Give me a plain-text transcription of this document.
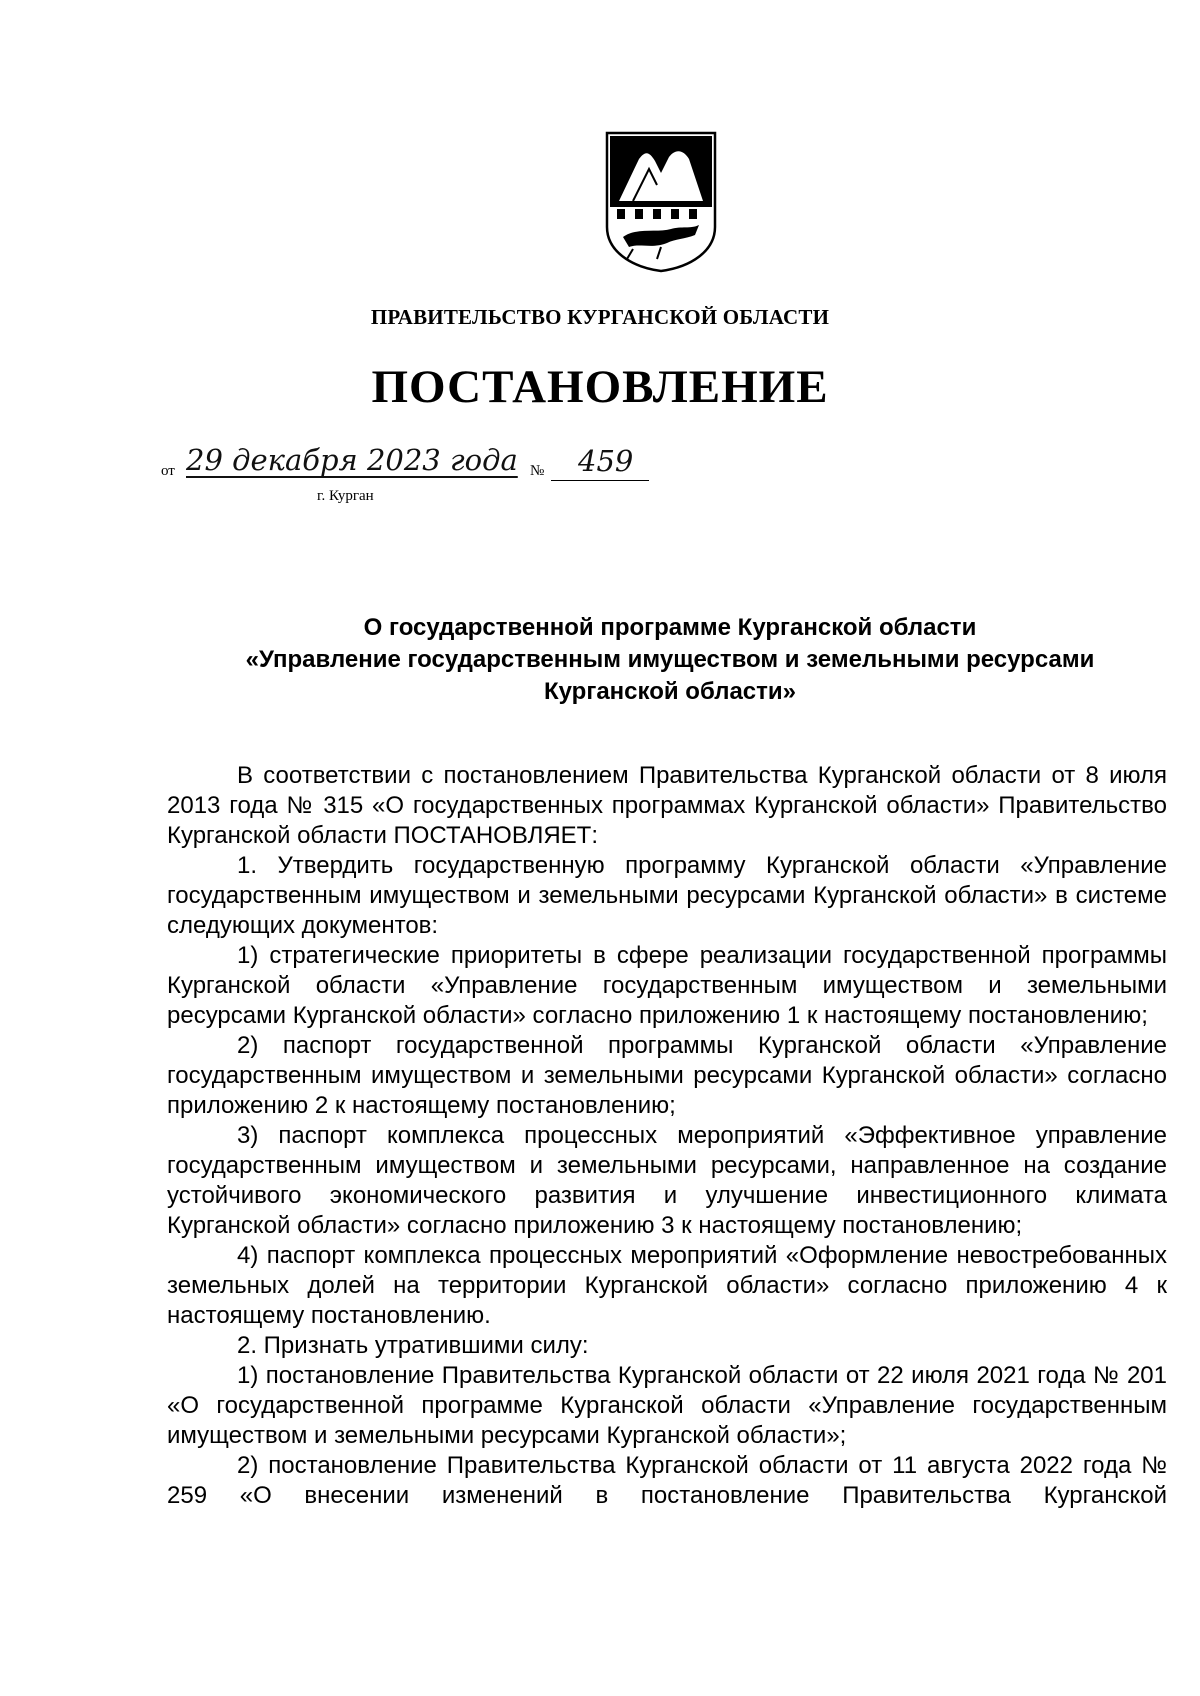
ПРАВИТЕЛЬСТВО КУРГАНСКОЙ ОБЛАСТИ
ПОСТАНОВЛЕНИЕ
от 29 декабря 2023 года № 459
г. Курган
О государственной программе Курганской области
«Управление государственным имуществом и земельными ресурсами
Курганской области»

В соответствии с постановлением Правительства Курганской области от 8 июля 2013 года № 315 «О государственных программах Курганской области» Правительство Курганской области ПОСТАНОВЛЯЕТ:

1. Утвердить государственную программу Курганской области «Управление государственным имуществом и земельными ресурсами Курганской области» в системе следующих документов:

1) стратегические приоритеты в сфере реализации государственной программы Курганской области «Управление государственным имуществом и земельными ресурсами Курганской области» согласно приложению 1 к настоящему постановлению;

2) паспорт государственной программы Курганской области «Управление государственным имуществом и земельными ресурсами Курганской области» согласно приложению 2 к настоящему постановлению;

3) паспорт комплекса процессных мероприятий «Эффективное управление государственным имуществом и земельными ресурсами, направленное на создание устойчивого экономического развития и улучшение инвестиционного климата Курганской области» согласно приложению 3 к настоящему постановлению;

4) паспорт комплекса процессных мероприятий «Оформление невостребованных земельных долей на территории Курганской области» согласно приложению 4 к настоящему постановлению.

2. Признать утратившими силу:

1) постановление Правительства Курганской области от 22 июля 2021 года № 201 «О государственной программе Курганской области «Управление государственным имуществом и земельными ресурсами Курганской области»;

2) постановление Правительства Курганской области от 11 августа 2022 года № 259 «О внесении изменений в постановление Правительства Курганской
